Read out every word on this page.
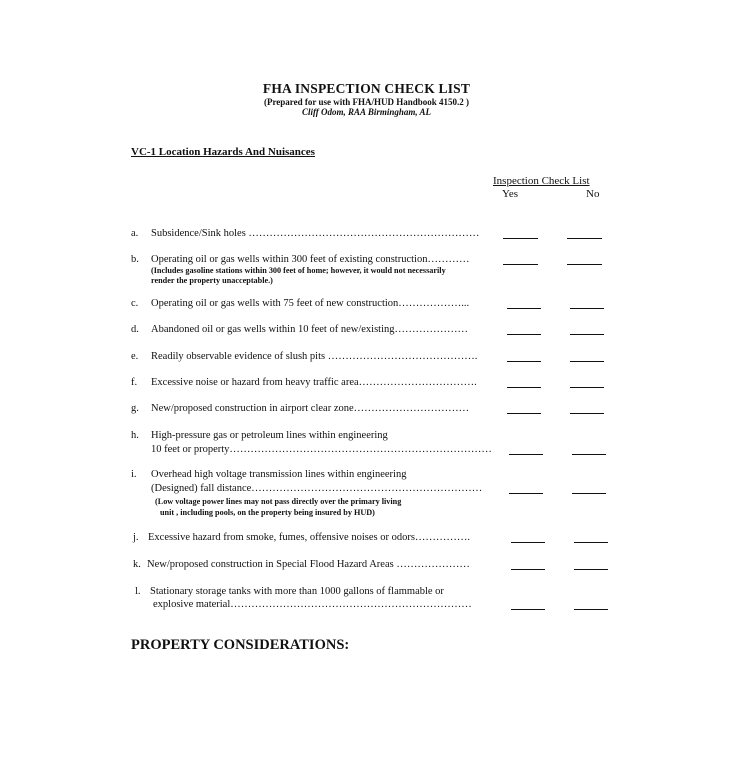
FHA INSPECTION CHECK LIST
(Prepared for use with FHA/HUD Handbook 4150.2 )
Cliff Odom, RAA Birmingham, AL
VC-1 Location Hazards And Nuisances
Inspection Check List
Yes	No
a. Subsidence/Sink holes …………………………………………………………
b. Operating oil or gas wells within 300 feet of existing construction…………
(Includes gasoline stations within 300 feet of home; however, it would not necessarily
render the property unacceptable.)
c. Operating oil or gas wells with 75 feet of new construction………………...
d. Abandoned oil or gas wells within 10 feet of new/existing…………………
e. Readily observable evidence of slush pits …………………………………….
f. Excessive noise or hazard from heavy traffic area…………………………….
g. New/proposed construction in airport clear zone……………………………
h. High-pressure gas or petroleum lines within engineering
10 feet or property…………………………………………………………………
i. Overhead high voltage transmission lines within engineering
(Designed) fall distance…………………………………………………………
(Low voltage power lines may not pass directly over the primary living
unit , including pools, on the property being insured by HUD)
j. Excessive hazard from smoke, fumes, offensive noises or odors…………….
k. New/proposed construction in Special Flood Hazard Areas …………………
l. Stationary storage tanks with more than 1000 gallons of flammable or
explosive material……………………………………………………………
PROPERTY CONSIDERATIONS:
